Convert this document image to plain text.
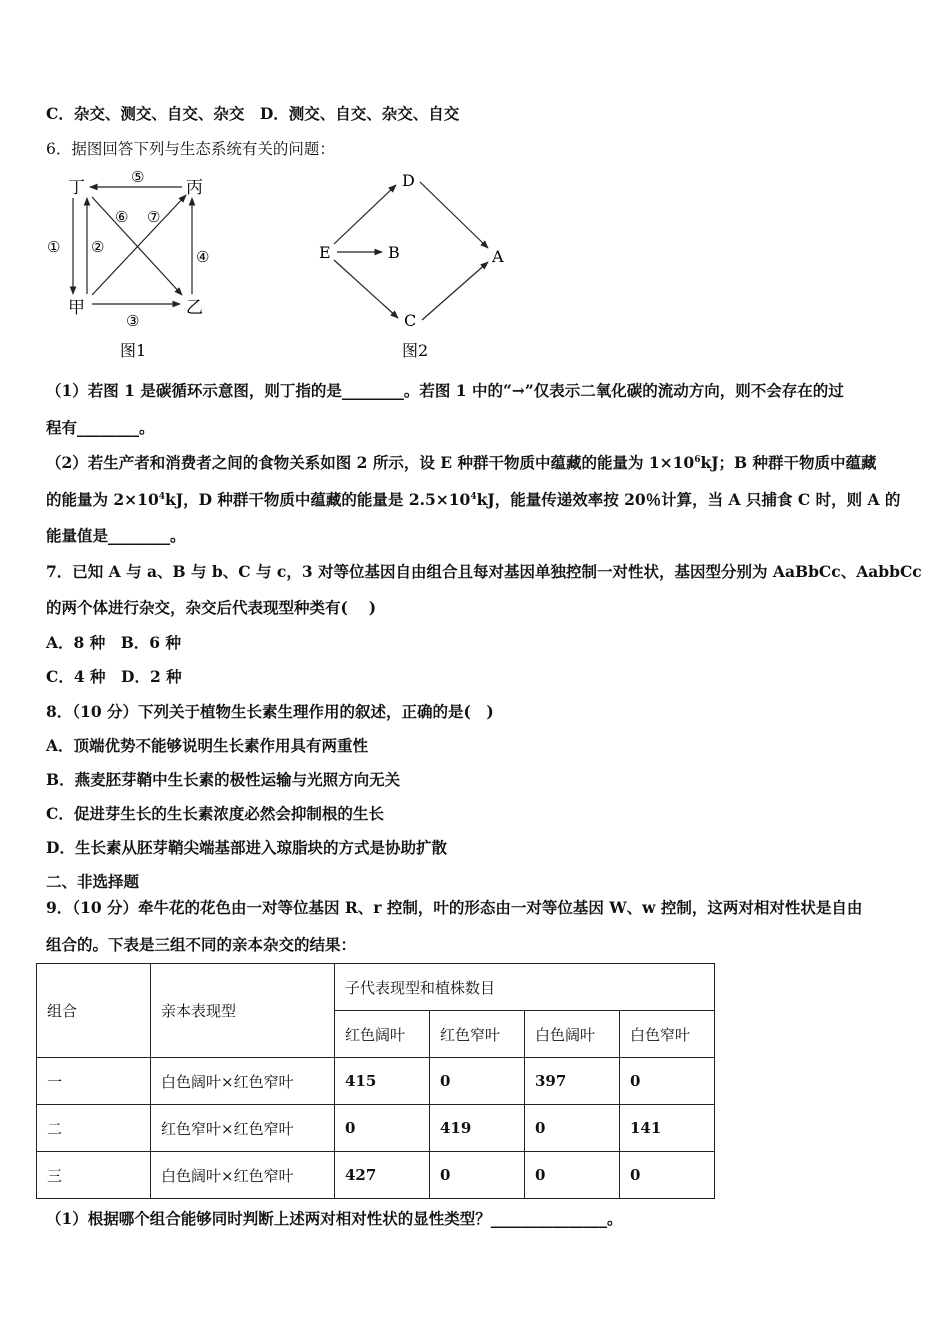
C．杂交、测交、自交、杂交　D．测交、自交、杂交、自交
6．据图回答下列与生态系统有关的问题：
丁	丙
甲	乙
⑤
① ②
④
③
⑥ ⑦
图1
D
E	B	A
C
图2
（1）若图 1 是碳循环示意图，则丁指的是________。若图 1 中的“→”仅表示二氧化碳的流动方向，则不会存在的过
程有________。
（2）若生产者和消费者之间的食物关系如图 2 所示，设 E 种群干物质中蕴藏的能量为 $1\times 10^6kJ$；B 种群干物质中蕴藏
的能量为 $2\times 10^4kJ$，D 种群干物质中蕴藏的能量是 $2.5\times 10^4kJ$，能量传递效率按 20％计算，当 A 只捕食 C 时，则 A 的
能量值是________。
7．已知 A 与 a、B 与 b、C 与 c，3 对等位基因自由组合且每对基因单独控制一对性状，基因型分别为 AaBbCc、AabbCc
的两个体进行杂交，杂交后代表现型种类有(　 )
A．8 种　B．6 种
C．4 种　D．2 种
8．（10 分）下列关于植物生长素生理作用的叙述，正确的是(　)
A．顶端优势不能够说明生长素作用具有两重性
B．燕麦胚芽鞘中生长素的极性运输与光照方向无关
C．促进芽生长的生长素浓度必然会抑制根的生长
D．生长素从胚芽鞘尖端基部进入琼脂块的方式是协助扩散
二、非选择题
9．（10 分）牵牛花的花色由一对等位基因 R、r 控制，叶的形态由一对等位基因 W、w 控制，这两对相对性状是自由
组合的。下表是三组不同的亲本杂交的结果：
组合	亲本表现型	子代表现型和植株数目			
		红色阔叶	红色窄叶	白色阔叶	白色窄叶
一	白色阔叶×红色窄叶	415	0	397	0
二	红色窄叶×红色窄叶	0	419	0	141
三	白色阔叶×红色窄叶	427	0	0	0
（1）根据哪个组合能够同时判断上述两对相对性状的显性类型？_______________。
